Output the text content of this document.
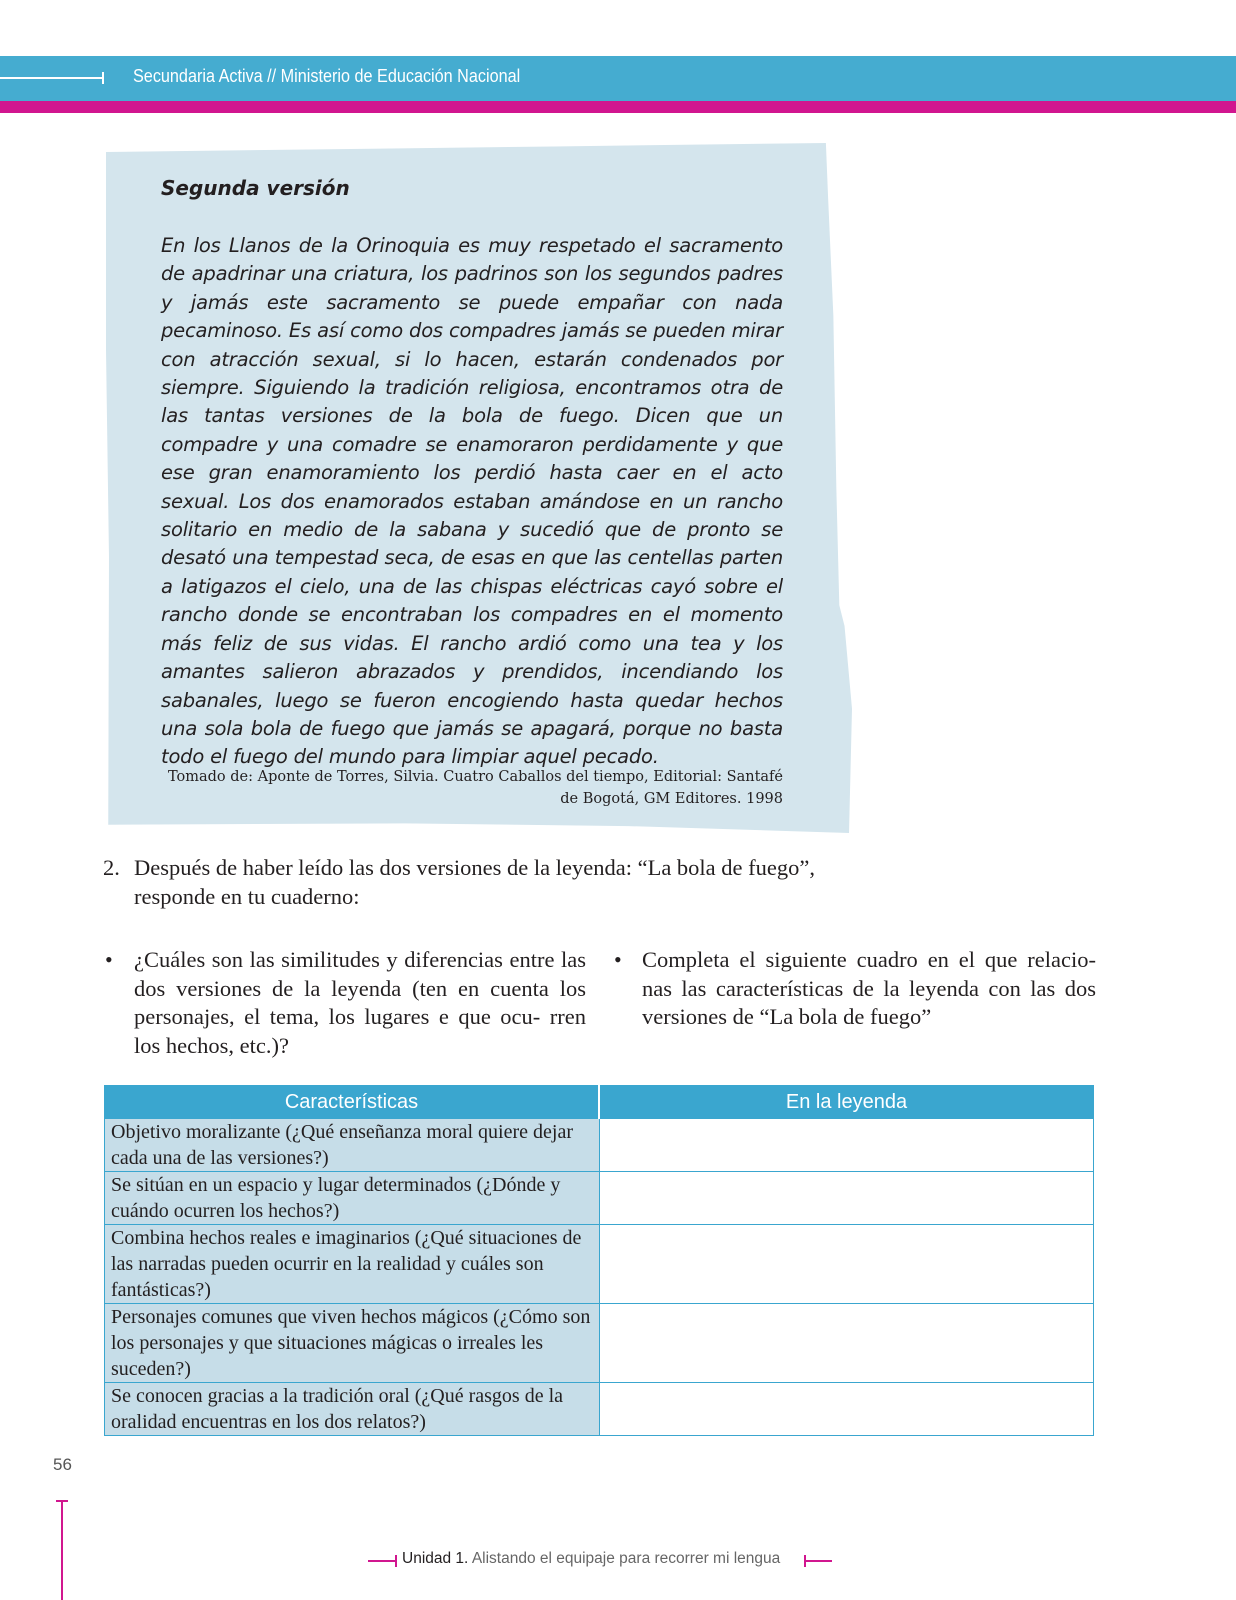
Secundaria Activa // Ministerio de Educación Nacional
Segunda versión

En los Llanos de la Orinoquia es muy respetado el sacramento de apadrinar una criatura, los padrinos son los segundos padres y jamás este sacramento se puede empañar con nada pecaminoso. Es así como dos compadres jamás se pueden mirar con atracción sexual, si lo hacen, estarán condenados por siempre. Siguiendo la tradición religiosa, encontramos otra de las tantas versiones de la bola de fuego. Dicen que un compadre y una comadre se enamoraron perdidamente y que ese gran enamoramiento los perdió hasta caer en el acto sexual. Los dos enamorados estaban amándose en un rancho solitario en medio de la sabana y sucedió que de pronto se desató una tempestad seca, de esas en que las centellas parten a latigazos el cielo, una de las chispas eléctricas cayó sobre el rancho donde se encontraban los compadres en el momento más feliz de sus vidas. El rancho ardió como una tea y los amantes salieron abrazados y prendidos, incendiando los sabanales, luego se fueron encogiendo hasta quedar hechos una sola bola de fuego que jamás se apagará, porque no basta todo el fuego del mundo para limpiar aquel pecado.

Tomado de: Aponte de Torres, Silvia. Cuatro Caballos del tiempo, Editorial: Santafé de Bogotá, GM Editores. 1998

2. Después de haber leído las dos versiones de la leyenda: “La bola de fuego”, responde en tu cuaderno:

• ¿Cuáles son las similitudes y diferencias entre las dos versiones de la leyenda (ten en cuenta los personajes, el tema, los lugares e que ocu- rren los hechos, etc.)?

• Completa el siguiente cuadro en el que relacio- nas las características de la leyenda con las dos versiones de “La bola de fuego”

Características	En la leyenda
Objetivo moralizante (¿Qué enseñanza moral quiere dejar cada una de las versiones?)	
Se sitúan en un espacio y lugar determinados (¿Dónde y cuándo ocurren los hechos?)	
Combina hechos reales e imaginarios (¿Qué situaciones de las narradas pueden ocurrir en la realidad y cuáles son fantásticas?)	
Personajes comunes que viven hechos mágicos (¿Cómo son los personajes y que situaciones mágicas o irreales les suceden?)	
Se conocen gracias a la tradición oral (¿Qué rasgos de la oralidad encuentras en los dos relatos?)	
56
Unidad 1. Alistando el equipaje para recorrer mi lengua
